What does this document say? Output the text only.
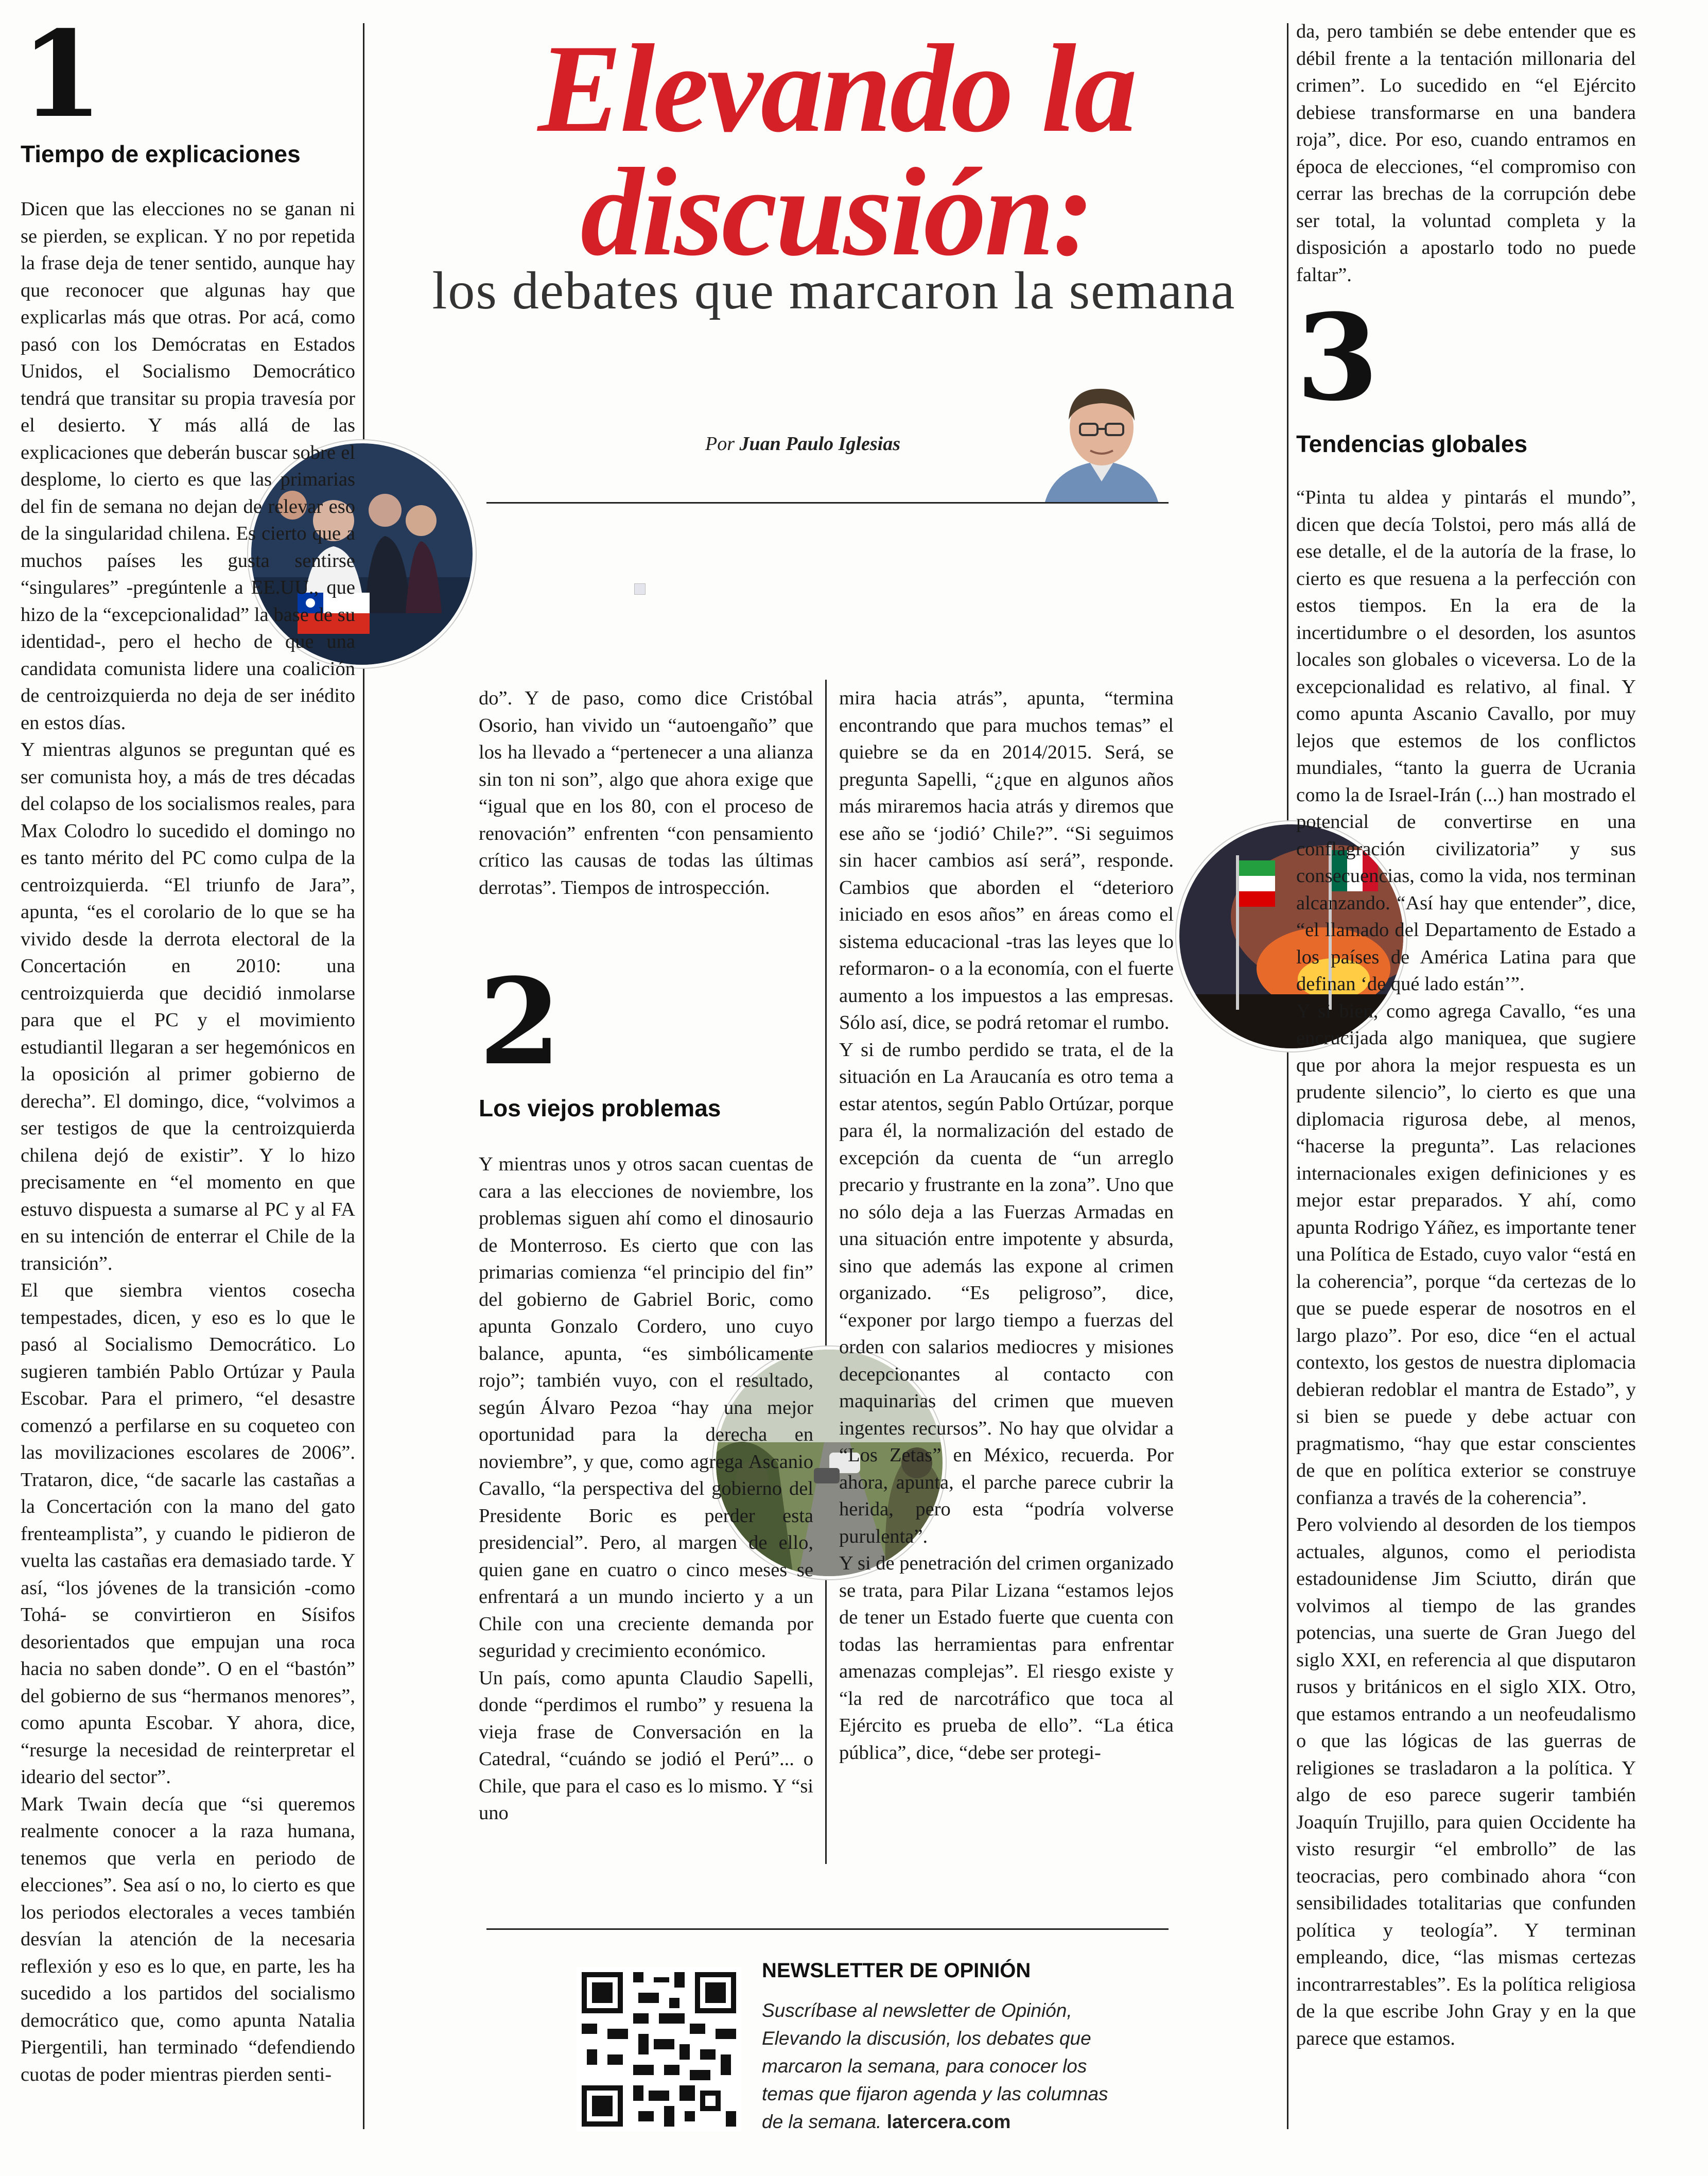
Elevando la
discusión:
los debates que marcaron la semana
Por Juan Paulo Iglesias
1
Tiempo de explicaciones

Dicen que las elecciones no se ganan ni se pierden, se explican. Y no por repetida la frase deja de tener sentido, aunque hay que reconocer que algunas hay que explicarlas más que otras. Por acá, como pasó con los Demócratas en Estados Unidos, el Socialismo Democrático tendrá que transitar su propia travesía por el desierto. Y más allá de las explicaciones que deberán buscar sobre el desplome, lo cierto es que las primarias del fin de semana no dejan de relevar eso de la singularidad chilena. Es cierto que a muchos países les gusta sentirse “singulares” -pregúntenle a EE.UU., que hizo de la “excepcionalidad” la base de su identidad-, pero el hecho de que una candidata comunista lidere una coalición de centroizquierda no deja de ser inédito en estos días.

Y mientras algunos se preguntan qué es ser comunista hoy, a más de tres décadas del colapso de los socialismos reales, para Max Colodro lo sucedido el domingo no es tanto mérito del PC como culpa de la centroizquierda. “El triunfo de Jara”, apunta, “es el corolario de lo que se ha vivido desde la derrota electoral de la Concertación en 2010: una centroizquierda que decidió inmolarse para que el PC y el movimiento estudiantil llegaran a ser hegemónicos en la oposición al primer gobierno de derecha”. El domingo, dice, “volvimos a ser testigos de que la centroizquierda chilena dejó de existir”. Y lo hizo precisamente en “el momento en que estuvo dispuesta a sumarse al PC y al FA en su intención de enterrar el Chile de la transición”.

El que siembra vientos cosecha tempestades, dicen, y eso es lo que le pasó al Socialismo Democrático. Lo sugieren también Pablo Ortúzar y Paula Escobar. Para el primero, “el desastre comenzó a perfilarse en su coqueteo con las movilizaciones escolares de 2006”. Trataron, dice, “de sacarle las castañas a la Concertación con la mano del gato frenteamplista”, y cuando le pidieron de vuelta las castañas era demasiado tarde. Y así, “los jóvenes de la transición -como Tohá- se convirtieron en Sísifos desorientados que empujan una roca hacia no saben donde”. O en el “bastón” del gobierno de sus “hermanos menores”, como apunta Escobar. Y ahora, dice, “resurge la necesidad de reinterpretar el ideario del sector”.

Mark Twain decía que “si queremos realmente conocer a la raza humana, tenemos que verla en periodo de elecciones”. Sea así o no, lo cierto es que los periodos electorales a veces también desvían la atención de la necesaria reflexión y eso es lo que, en parte, les ha sucedido a los partidos del socialismo democrático que, como apunta Natalia Piergentili, han terminado “defendiendo cuotas de poder mientras pierden senti-

do”. Y de paso, como dice Cristóbal Osorio, han vivido un “autoengaño” que los ha llevado a “pertenecer a una alianza sin ton ni son”, algo que ahora exige que “igual que en los 80, con el proceso de renovación” enfrenten “con pensamiento crítico las causas de todas las últimas derrotas”. Tiempos de introspección.

2
Los viejos problemas

Y mientras unos y otros sacan cuentas de cara a las elecciones de noviembre, los problemas siguen ahí como el dinosaurio de Monterroso. Es cierto que con las primarias comienza “el principio del fin” del gobierno de Gabriel Boric, como apunta Gonzalo Cordero, uno cuyo balance, apunta, “es simbólicamente rojo”; también vuyo, con el resultado, según Álvaro Pezoa “hay una mejor oportunidad para la derecha en noviembre”, y que, como agrega Ascanio Cavallo, “la perspectiva del gobierno del Presidente Boric es perder esta presidencial”. Pero, al margen de ello, quien gane en cuatro o cinco meses se enfrentará a un mundo incierto y a un Chile con una creciente demanda por seguridad y crecimiento económico.

Un país, como apunta Claudio Sapelli, donde “perdimos el rumbo” y resuena la vieja frase de Conversación en la Catedral, “cuándo se jodió el Perú”... o Chile, que para el caso es lo mismo. Y “si uno

mira hacia atrás”, apunta, “termina encontrando que para muchos temas” el quiebre se da en 2014/2015. Será, se pregunta Sapelli, “¿que en algunos años más miraremos hacia atrás y diremos que ese año se ‘jodió’ Chile?”. “Si seguimos sin hacer cambios así será”, responde. Cambios que aborden el “deterioro iniciado en esos años” en áreas como el sistema educacional -tras las leyes que lo reformaron- o a la economía, con el fuerte aumento a los impuestos a las empresas. Sólo así, dice, se podrá retomar el rumbo.

Y si de rumbo perdido se trata, el de la situación en La Araucanía es otro tema a estar atentos, según Pablo Ortúzar, porque para él, la normalización del estado de excepción da cuenta de “un arreglo precario y frustrante en la zona”. Uno que no sólo deja a las Fuerzas Armadas en una situación entre impotente y absurda, sino que además las expone al crimen organizado. “Es peligroso”, dice, “exponer por largo tiempo a fuerzas del orden con salarios mediocres y misiones decepcionantes al contacto con maquinarias del crimen que mueven ingentes recursos”. No hay que olvidar a “Los Zetas” en México, recuerda. Por ahora, apunta, el parche parece cubrir la herida, pero esta “podría volverse purulenta”.

Y si de penetración del crimen organizado se trata, para Pilar Lizana “estamos lejos de tener un Estado fuerte que cuenta con todas las herramientas para enfrentar amenazas complejas”. El riesgo existe y “la red de narcotráfico que toca al Ejército es prueba de ello”. “La ética pública”, dice, “debe ser protegi-

da, pero también se debe entender que es débil frente a la tentación millonaria del crimen”. Lo sucedido en “el Ejército debiese transformarse en una bandera roja”, dice. Por eso, cuando entramos en época de elecciones, “el compromiso con cerrar las brechas de la corrupción debe ser total, la voluntad completa y la disposición a apostarlo todo no puede faltar”.

3
Tendencias globales

“Pinta tu aldea y pintarás el mundo”, dicen que decía Tolstoi, pero más allá de ese detalle, el de la autoría de la frase, lo cierto es que resuena a la perfección con estos tiempos. En la era de la incertidumbre o el desorden, los asuntos locales son globales o viceversa. Lo de la excepcionalidad es relativo, al final. Y como apunta Ascanio Cavallo, por muy lejos que estemos de los conflictos mundiales, “tanto la guerra de Ucrania como la de Israel-Irán (...) han mostrado el potencial de convertirse en una conflagración civilizatoria” y sus consecuencias, como la vida, nos terminan alcanzando. “Así hay que entender”, dice, “el llamado del Departamento de Estado a los países de América Latina para que definan ‘de qué lado están’”.

Y si bien, como agrega Cavallo, “es una encrucijada algo maniquea, que sugiere que por ahora la mejor respuesta es un prudente silencio”, lo cierto es que una diplomacia rigurosa debe, al menos, “hacerse la pregunta”. Las relaciones internacionales exigen definiciones y es mejor estar preparados. Y ahí, como apunta Rodrigo Yáñez, es importante tener una Política de Estado, cuyo valor “está en la coherencia”, porque “da certezas de lo que se puede esperar de nosotros en el largo plazo”. Por eso, dice “en el actual contexto, los gestos de nuestra diplomacia debieran redoblar el mantra de Estado”, y si bien se puede y debe actuar con pragmatismo, “hay que estar conscientes de que en política exterior se construye confianza a través de la coherencia”.

Pero volviendo al desorden de los tiempos actuales, algunos, como el periodista estadounidense Jim Sciutto, dirán que volvimos al tiempo de las grandes potencias, una suerte de Gran Juego del siglo XXI, en referencia al que disputaron rusos y británicos en el siglo XIX. Otro, que estamos entrando a un neofeudalismo o que las lógicas de las guerras de religiones se trasladaron a la política. Y algo de eso parece sugerir también Joaquín Trujillo, para quien Occidente ha visto resurgir “el embrollo” de las teocracias, pero combinado ahora “con sensibilidades totalitarias que confunden política y teología”. Y terminan empleando, dice, “las mismas certezas incontrarrestables”. Es la política religiosa de la que escribe John Gray y en la que parece que estamos.

NEWSLETTER DE OPINIÓN
Suscríbase al newsletter de Opinión, Elevando la discusión, los debates que marcaron la semana, para conocer los temas que fijaron agenda y las columnas de la semana. latercera.com
